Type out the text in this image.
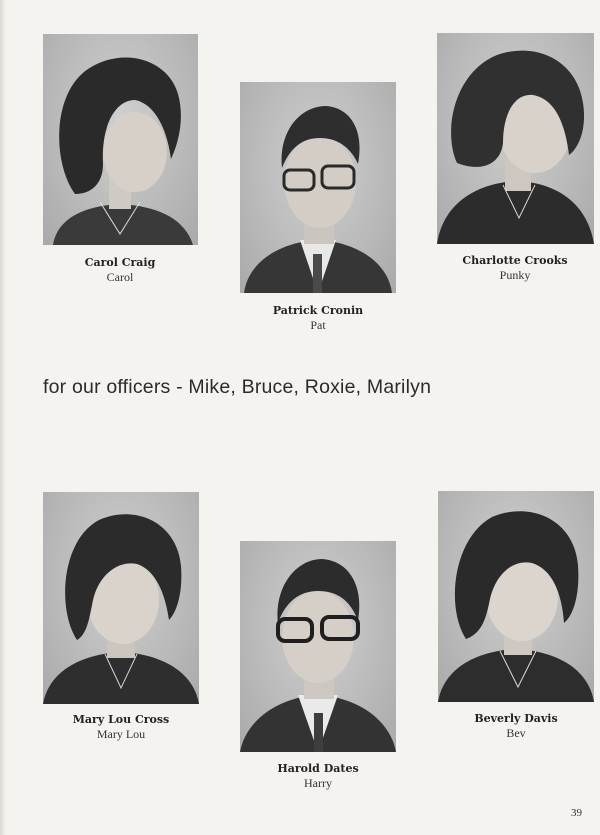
Carol Craig
Carol
Patrick Cronin
Pat
Charlotte Crooks
Punky
for our officers - Mike, Bruce, Roxie, Marilyn
Mary Lou Cross
Mary Lou
Harold Dates
Harry
Beverly Davis
Bev
39
